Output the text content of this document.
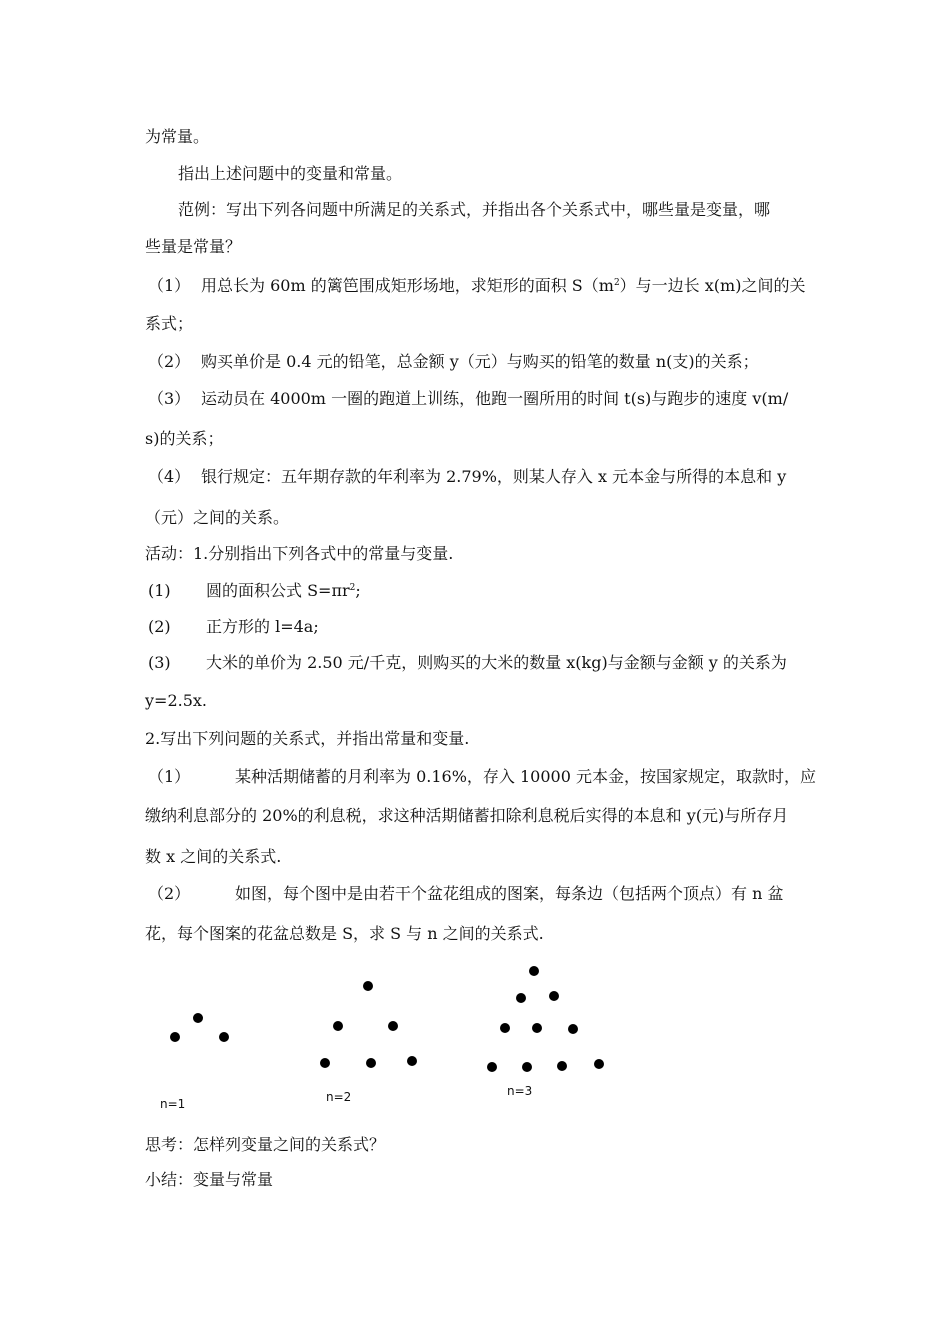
为常量。
指出上述问题中的变量和常量。
范例：写出下列各问题中所满足的关系式，并指出各个关系式中，哪些量是变量，哪
些量是常量？
（1） 用总长为 60m 的篱笆围成矩形场地，求矩形的面积 $S(m^2)$与一边长 x(m)之间的关
系式；
（2） 购买单价是 0.4 元的铅笔，总金额 y（元）与购买的铅笔的数量 n(支)的关系；
（3） 运动员在 4000m 一圈的跑道上训练，他跑一圈所用的时间 t(s)与跑步的速度 v(m/
s)的关系；
（4） 银行规定：五年期存款的年利率为 2.79%，则某人存入 x 元本金与所得的本息和 y
（元）之间的关系。
活动：1.分别指出下列各式中的常量与变量.
(1) 圆的面积公式 $S=\pi r^2$;
(2) 正方形的 l=4a;
(3) 大米的单价为 2.50 元/千克，则购买的大米的数量 x(kg)与金额与金额 y 的关系为
y=2.5x.
2.写出下列问题的关系式，并指出常量和变量.
（1）	某种活期储蓄的月利率为 0.16%，存入 10000 元本金，按国家规定，取款时，应
缴纳利息部分的 20%的利息税，求这种活期储蓄扣除利息税后实得的本息和 y(元)与所存月
数 x 之间的关系式.
（2）	如图，每个图中是由若干个盆花组成的图案，每条边（包括两个顶点）有 n 盆
花，每个图案的花盆总数是 S，求 S 与 n 之间的关系式.
n=1	n=2	n=3
思考：怎样列变量之间的关系式？
小结：变量与常量
